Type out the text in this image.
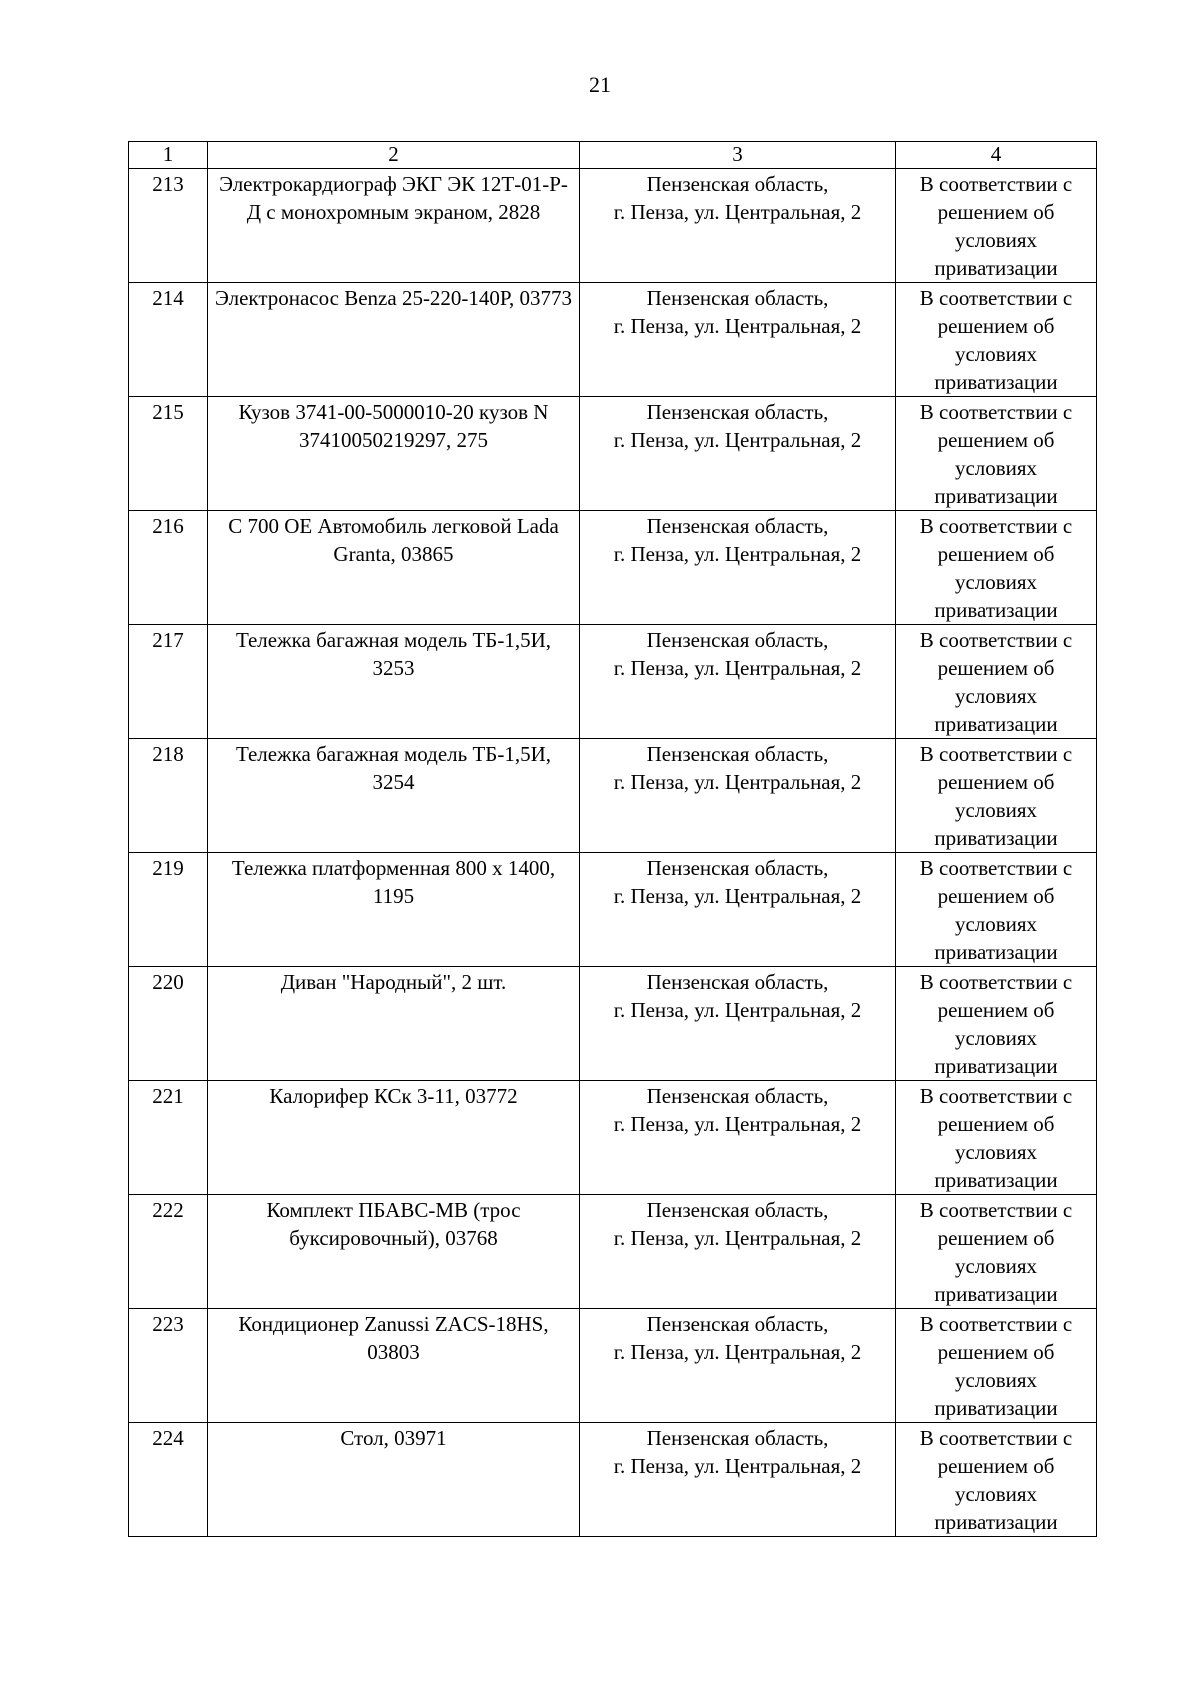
21
1	2	3	4
213	Электрокардиограф ЭКГ ЭК 12Т-01-Р-Д с монохромным экраном, 2828	Пензенская область,
г. Пенза, ул. Центральная, 2	В соответствии с решением об условиях приватизации
214	Электронасос Benza 25-220-140Р, 03773	Пензенская область,
г. Пенза, ул. Центральная, 2	В соответствии с решением об условиях приватизации
215	Кузов 3741-00-5000010-20 кузов N 37410050219297, 275	Пензенская область,
г. Пенза, ул. Центральная, 2	В соответствии с решением об условиях приватизации
216	С 700 ОЕ Автомобиль легковой Lada Granta, 03865	Пензенская область,
г. Пенза, ул. Центральная, 2	В соответствии с решением об условиях приватизации
217	Тележка багажная модель ТБ-1,5И, 3253	Пензенская область,
г. Пенза, ул. Центральная, 2	В соответствии с решением об условиях приватизации
218	Тележка багажная модель ТБ-1,5И, 3254	Пензенская область,
г. Пенза, ул. Центральная, 2	В соответствии с решением об условиях приватизации
219	Тележка платформенная 800 x 1400, 1195	Пензенская область,
г. Пенза, ул. Центральная, 2	В соответствии с решением об условиях приватизации
220	Диван "Народный", 2 шт.	Пензенская область,
г. Пенза, ул. Центральная, 2	В соответствии с решением об условиях приватизации
221	Калорифер КСк 3-11, 03772	Пензенская область,
г. Пенза, ул. Центральная, 2	В соответствии с решением об условиях приватизации
222	Комплект ПБАВС-МВ (трос буксировочный), 03768	Пензенская область,
г. Пенза, ул. Центральная, 2	В соответствии с решением об условиях приватизации
223	Кондиционер Zanussi ZACS-18HS, 03803	Пензенская область,
г. Пенза, ул. Центральная, 2	В соответствии с решением об условиях приватизации
224	Стол, 03971	Пензенская область,
г. Пенза, ул. Центральная, 2	В соответствии с решением об условиях приватизации
